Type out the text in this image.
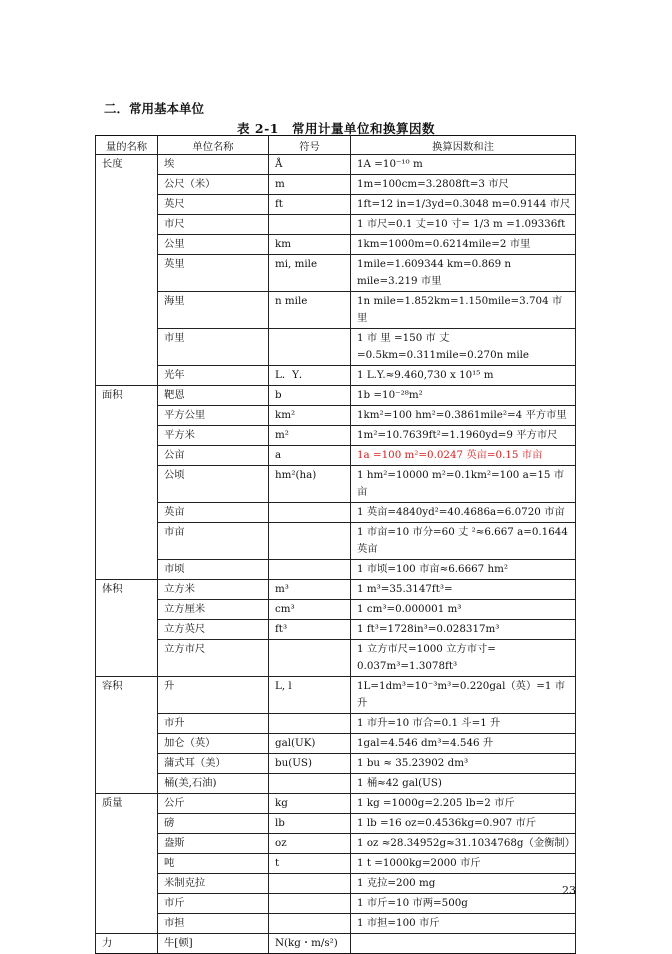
二．常用基本单位
表 2-1　常用计量单位和换算因数
量的名称	单位名称	符号	换算因数和注
长度	埃	Å	1A =10⁻¹⁰ m
	公尺（米）	m	1m=100cm=3.2808ft=3 市尺
	英尺	ft	1ft=12 in=1/3yd=0.3048 m=0.9144 市尺
	市尺		1 市尺=0.1 丈=10 寸= 1/3 m =1.09336ft
	公里	km	1km=1000m=0.6214mile=2 市里
	英里	mi, mile	1mile=1.609344 km=0.869 n mile=3.219 市里
	海里	n mile	1n mile=1.852km=1.150mile=3.704 市里
	市里		1 市 里 =150 市 丈 =0.5km=0.311mile=0.270n mile
	光年	L．Y．	1 L.Y.≈9.460,730 x 10¹⁵ m
面积	靶恩	b	1b =10⁻²⁸m²
	平方公里	km²	1km²=100 hm²=0.3861mile²=4 平方市里
	平方米	m²	1m²=10.7639ft²=1.1960yd=9 平方市尺
	公亩	a	1a =100 m²=0.0247 英亩=0.15 市亩
	公顷	hm²(ha)	1 hm²=10000 m²=0.1km²=100 a=15 市亩
	英亩		1 英亩=4840yd²=40.4686a=6.0720 市亩
	市亩		1 市亩=10 市分=60 丈 ²≈6.667 a=0.1644 英亩
	市顷		1 市顷=100 市亩≈6.6667 hm²
体积	立方米	m³	1 m³=35.3147ft³=
	立方厘米	cm³	1 cm³=0.000001 m³
	立方英尺	ft³	1 ft³=1728in³=0.028317m³
	立方市尺		1 立方市尺=1000 立方市寸= 0.037m³=1.3078ft³
容积	升	L, l	1L=1dm³=10⁻³m³=0.220gal（英）=1 市升
	市升		1 市升=10 市合=0.1 斗=1 升
	加仑（英）	gal(UK)	1gal=4.546 dm³=4.546 升
	蒲式耳（美）	bu(US)	1 bu ≈ 35.23902 dm³
	桶(美,石油)		1 桶≈42 gal(US)
质量	公斤	kg	1 kg =1000g=2.205 lb=2 市斤
	磅	lb	1 lb =16 oz=0.4536kg=0.907 市斤
	盎斯	oz	1 oz ≈28.34952g≈31.1034768g（金衡制）
	吨	t	1 t =1000kg=2000 市斤
	米制克拉		1 克拉=200 mg
	市斤		1 市斤=10 市两=500g
	市担		1 市担=100 市斤
力	牛[顿]	N(kg・m/s²)	
23
